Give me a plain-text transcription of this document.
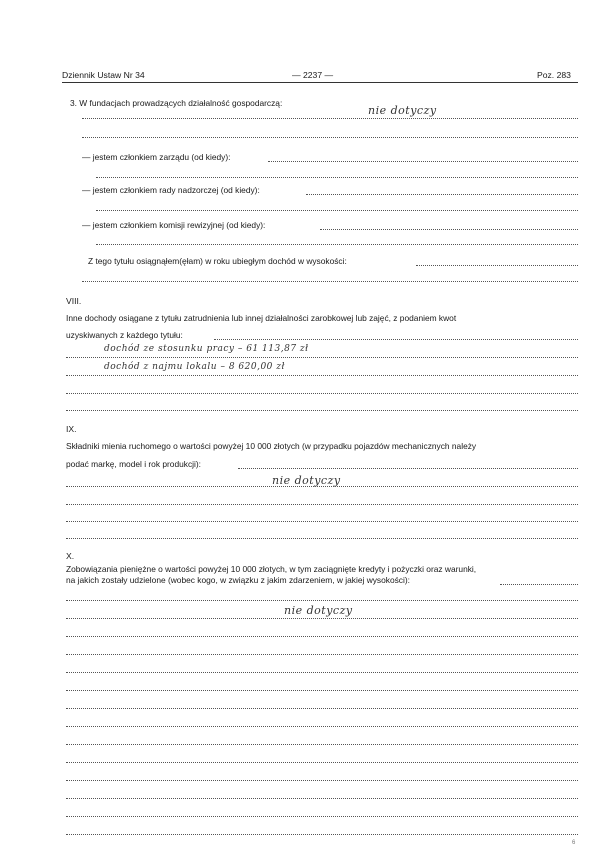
Dziennik Ustaw Nr 34	— 2237 —	Poz. 283
3. W fundacjach prowadzących działalność gospodarczą:
nie dotyczy
— jestem członkiem zarządu (od kiedy):
— jestem członkiem rady nadzorczej (od kiedy):
— jestem członkiem komisji rewizyjnej (od kiedy):
Z tego tytułu osiągnąłem(ęłam) w roku ubiegłym dochód w wysokości:
VIII.
Inne dochody osiągane z tytułu zatrudnienia lub innej działalności zarobkowej lub zajęć, z podaniem kwot
uzyskiwanych z każdego tytułu:
dochód ze stosunku pracy – 61 113,87 zł
dochód z najmu lokalu – 8 620,00 zł
IX.
Składniki mienia ruchomego o wartości powyżej 10 000 złotych (w przypadku pojazdów mechanicznych należy
podać markę, model i rok produkcji):
nie dotyczy
X.
Zobowiązania pieniężne o wartości powyżej 10 000 złotych, w tym zaciągnięte kredyty i pożyczki oraz warunki,
na jakich zostały udzielone (wobec kogo, w związku z jakim zdarzeniem, w jakiej wysokości):
nie dotyczy
6
